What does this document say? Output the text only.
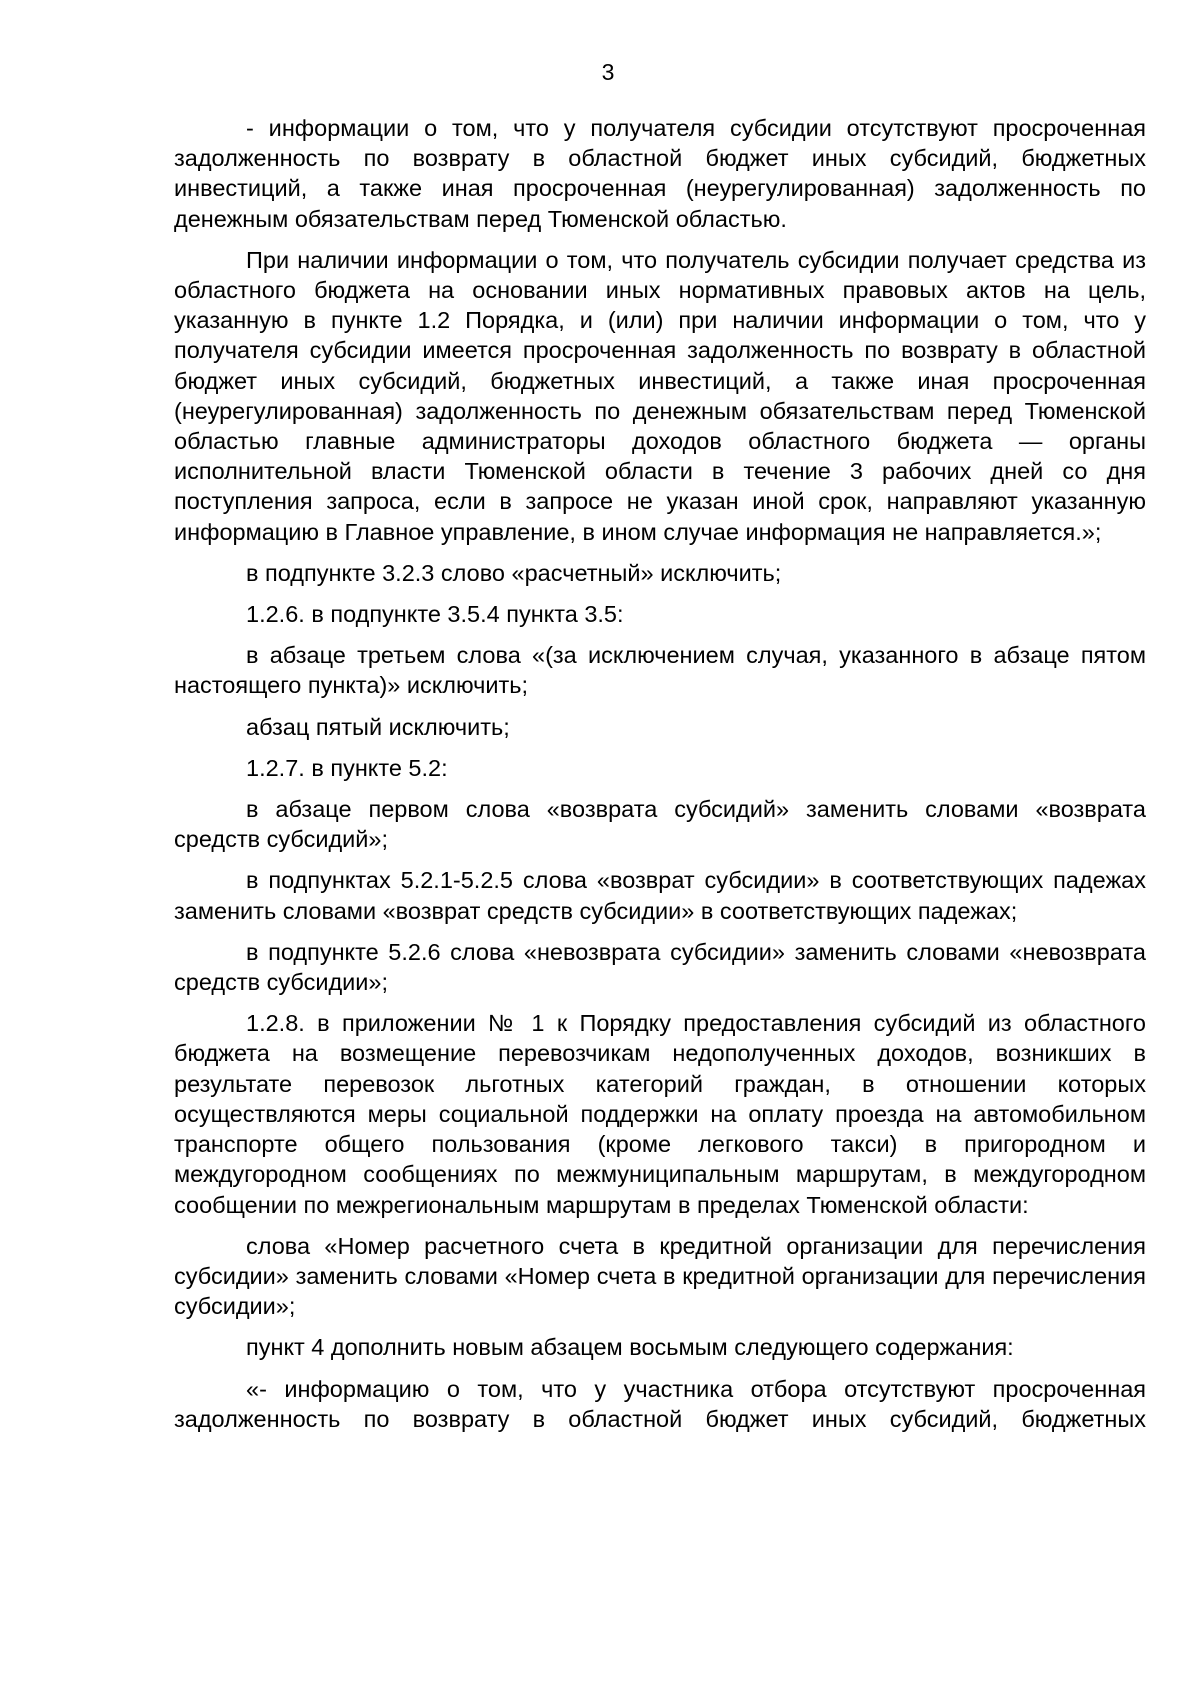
3

- информации о том, что у получателя субсидии отсутствуют просроченная задолженность по возврату в областной бюджет иных субсидий, бюджетных инвестиций, а также иная просроченная (неурегулированная) задолженность по денежным обязательствам перед Тюменской областью.

При наличии информации о том, что получатель субсидии получает средства из областного бюджета на основании иных нормативных правовых актов на цель, указанную в пункте 1.2 Порядка, и (или) при наличии информации о том, что у получателя субсидии имеется просроченная задолженность по возврату в областной бюджет иных субсидий, бюджетных инвестиций, а также иная просроченная (неурегулированная) задолженность по денежным обязательствам перед Тюменской областью главные администраторы доходов областного бюджета — органы исполнительной власти Тюменской области в течение 3 рабочих дней со дня поступления запроса, если в запросе не указан иной срок, направляют указанную информацию в Главное управление, в ином случае информация не направляется.»;

в подпункте 3.2.3 слово «расчетный» исключить;

1.2.6. в подпункте 3.5.4 пункта 3.5:

в абзаце третьем слова «(за исключением случая, указанного в абзаце пятом настоящего пункта)» исключить;

абзац пятый исключить;

1.2.7. в пункте 5.2:

в абзаце первом слова «возврата субсидий» заменить словами «возврата средств субсидий»;

в подпунктах 5.2.1-5.2.5 слова «возврат субсидии» в соответствующих падежах заменить словами «возврат средств субсидии» в соответствующих падежах;

в подпункте 5.2.6 слова «невозврата субсидии» заменить словами «невозврата средств субсидии»;

1.2.8. в приложении № 1 к Порядку предоставления субсидий из областного бюджета на возмещение перевозчикам недополученных доходов, возникших в результате перевозок льготных категорий граждан, в отношении которых осуществляются меры социальной поддержки на оплату проезда на автомобильном транспорте общего пользования (кроме легкового такси) в пригородном и междугородном сообщениях по межмуниципальным маршрутам, в междугородном сообщении по межрегиональным маршрутам в пределах Тюменской области:

слова «Номер расчетного счета в кредитной организации для перечисления субсидии» заменить словами «Номер счета в кредитной организации для перечисления субсидии»;

пункт 4 дополнить новым абзацем восьмым следующего содержания:

«- информацию о том, что у участника отбора отсутствуют просроченная задолженность по возврату в областной бюджет иных субсидий, бюджетных
